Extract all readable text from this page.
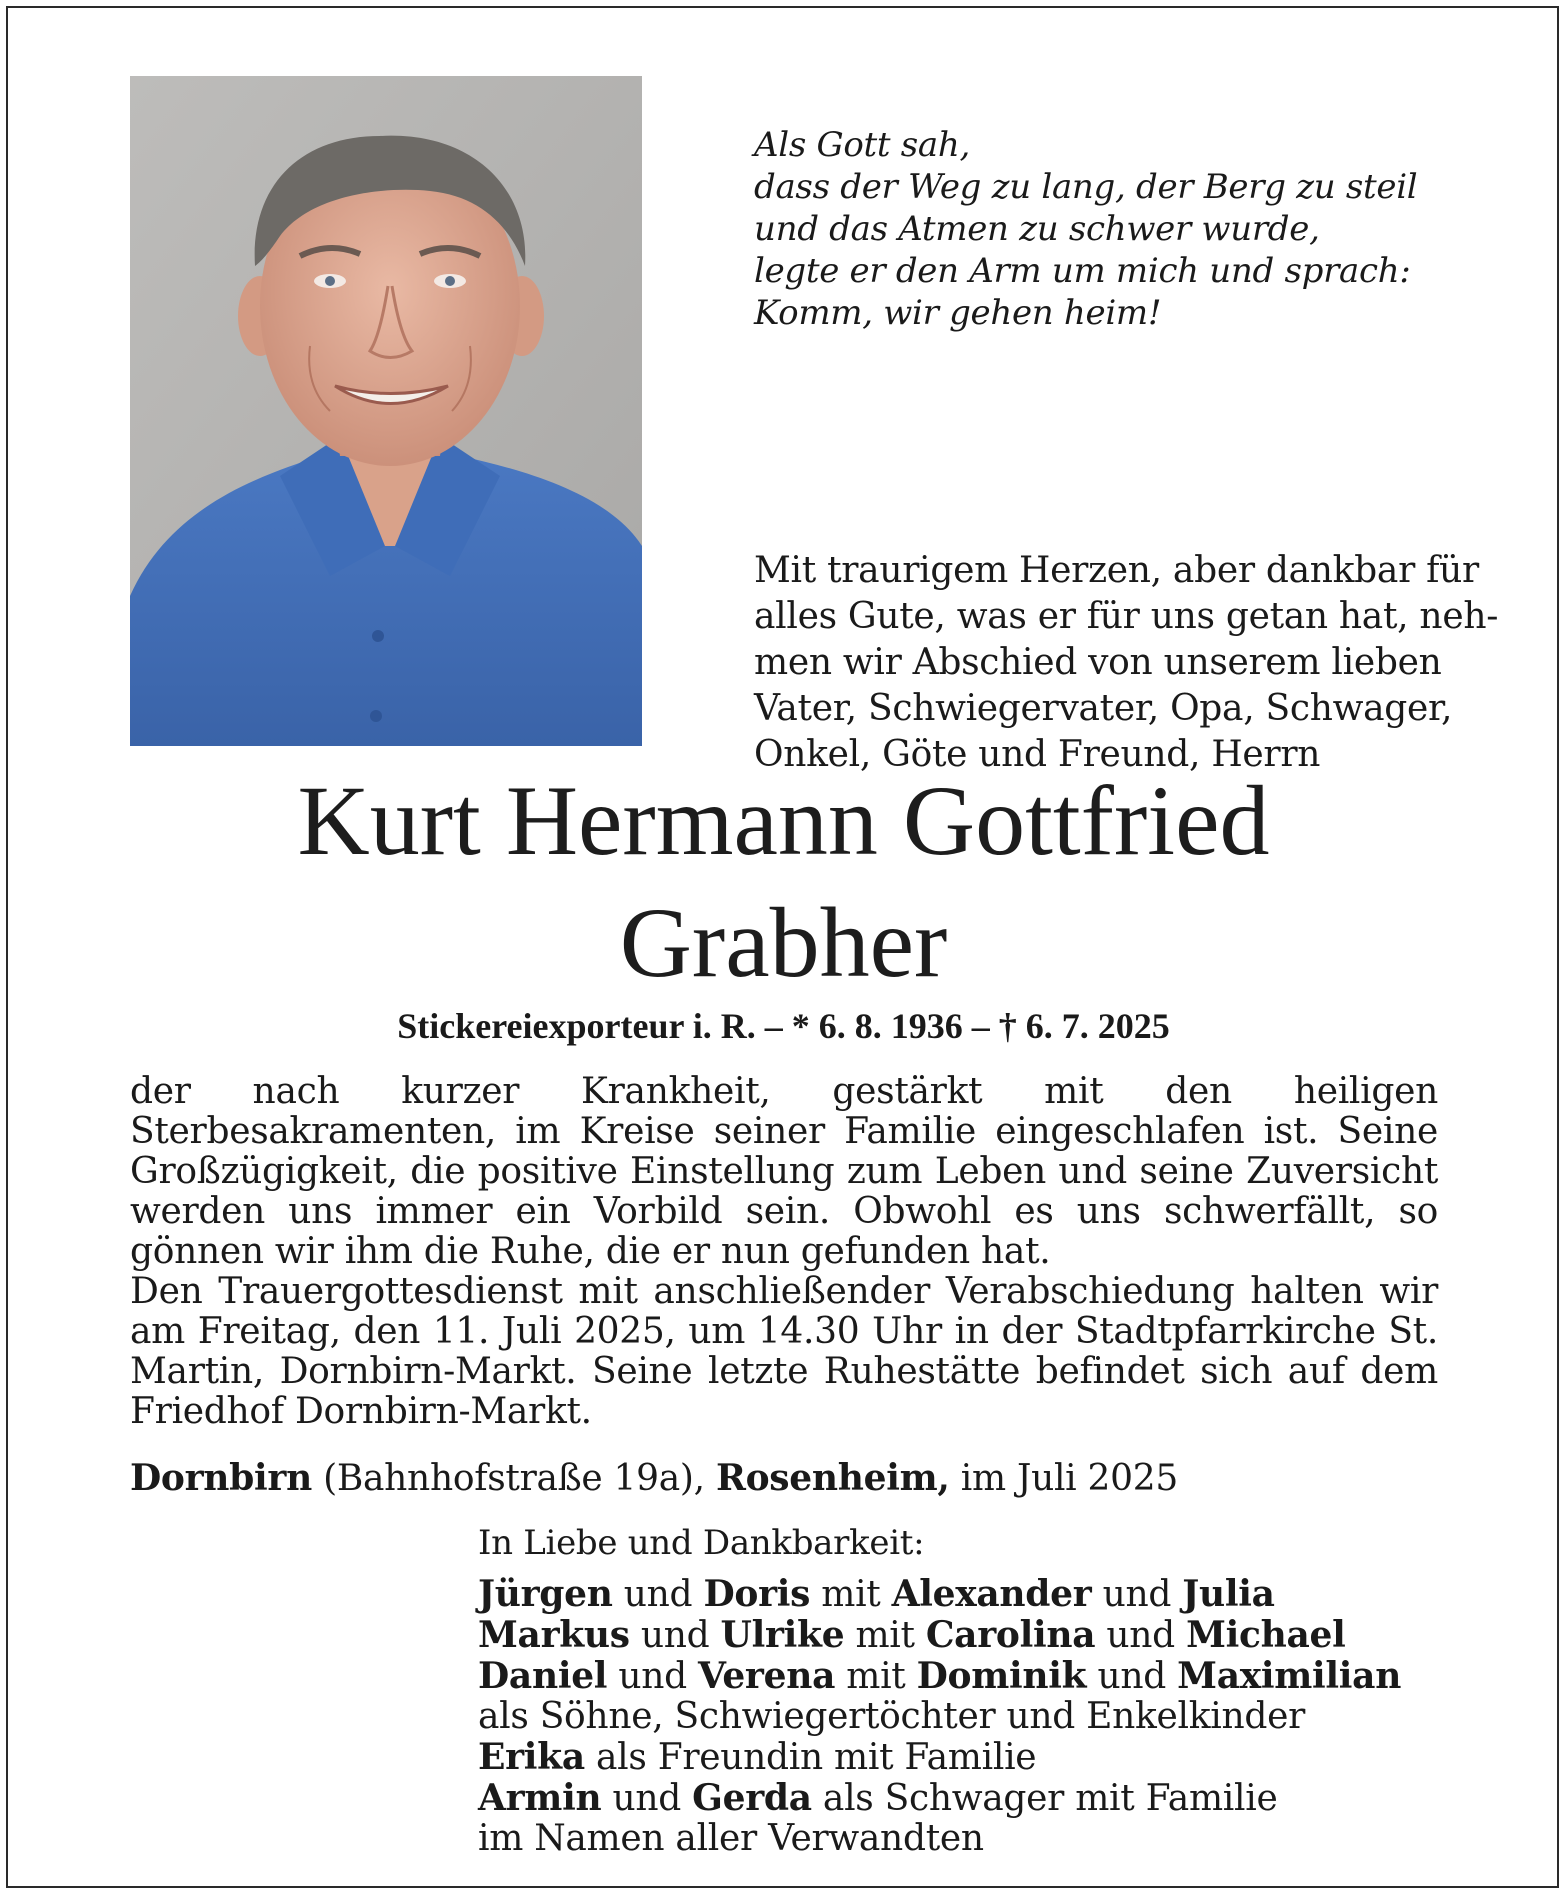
Als Gott sah,
dass der Weg zu lang, der Berg zu steil
und das Atmen zu schwer wurde,
legte er den Arm um mich und sprach:
Komm, wir gehen heim!
Mit traurigem Herzen, aber dankbar für
alles Gute, was er für uns getan hat, neh-
men wir Abschied von unserem lieben
Vater, Schwiegervater, Opa, Schwager,
Onkel, Göte und Freund, Herrn
Kurt Hermann Gottfried
Grabher
Stickereiexporteur i. R. – * 6. 8. 1936 – † 6. 7. 2025

der nach kurzer Krankheit, gestärkt mit den heiligen Sterbesakramenten, im Kreise seiner Familie eingeschlafen ist. Seine Großzügigkeit, die positive Einstellung zum Leben und seine Zuversicht werden uns immer ein Vorbild sein. Obwohl es uns schwerfällt, so gönnen wir ihm die Ruhe, die er nun gefunden hat.

Den Trauergottesdienst mit anschließender Verabschiedung halten wir am Freitag, den 11. Juli 2025, um 14.30 Uhr in der Stadtpfarrkirche St. Martin, Dornbirn-Markt. Seine letzte Ruhestätte befindet sich auf dem Friedhof Dornbirn-Markt.

Dornbirn (Bahnhofstraße 19a), Rosenheim, im Juli 2025
In Liebe und Dankbarkeit:
Jürgen und Doris mit Alexander und Julia
Markus und Ulrike mit Carolina und Michael
Daniel und Verena mit Dominik und Maximilian
als Söhne, Schwiegertöchter und Enkelkinder
Erika als Freundin mit Familie
Armin und Gerda als Schwager mit Familie
im Namen aller Verwandten
